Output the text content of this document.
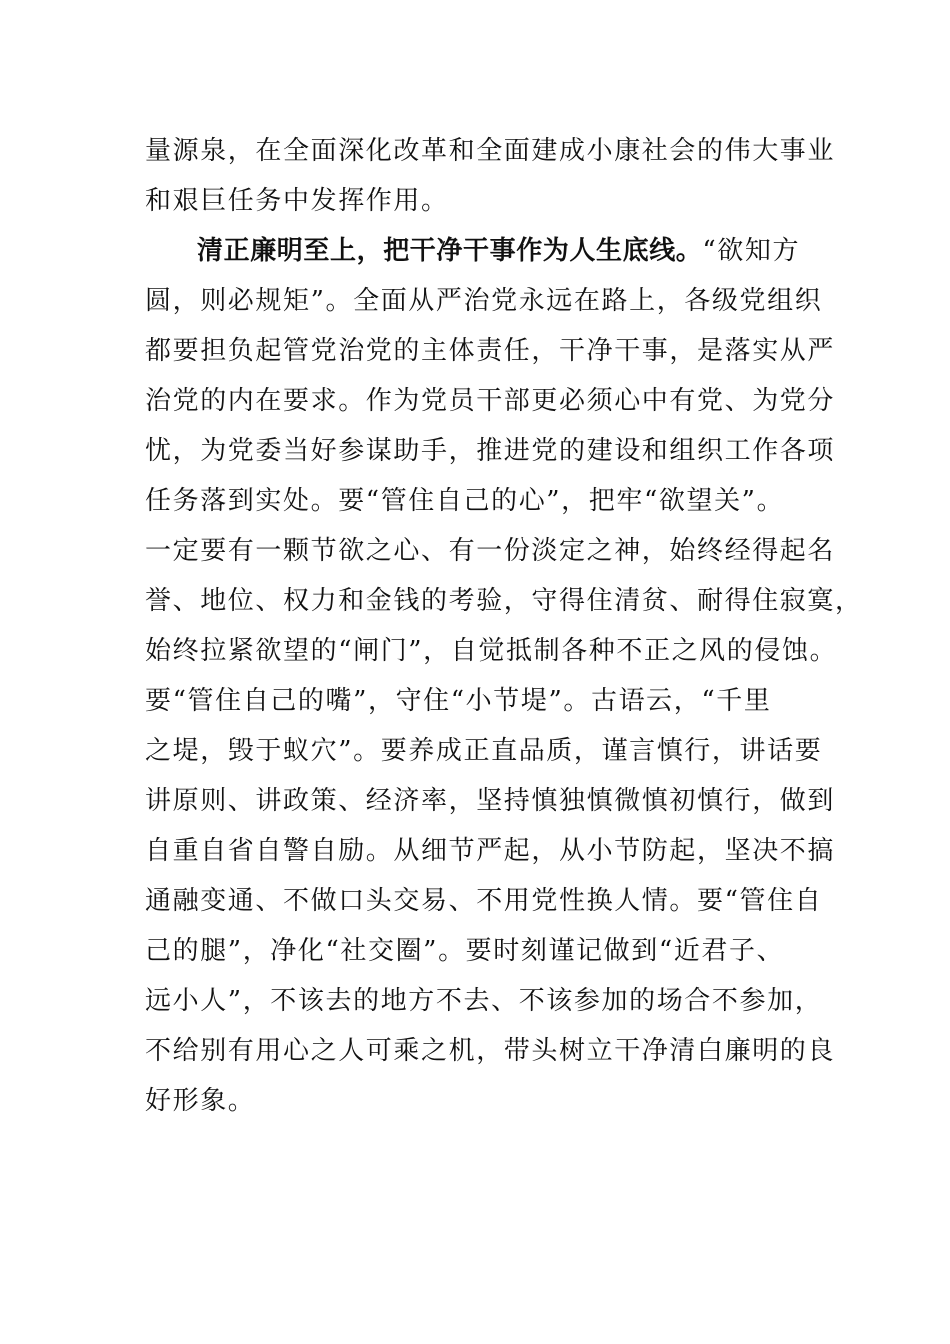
量源泉，在全面深化改革和全面建成小康社会的伟大事业
和艰巨任务中发挥作用。
清正廉明至上，把干净干事作为人生底线。“欲知方
圆，则必规矩”。全面从严治党永远在路上，各级党组织
都要担负起管党治党的主体责任，干净干事，是落实从严
治党的内在要求。作为党员干部更必须心中有党、为党分
忧，为党委当好参谋助手，推进党的建设和组织工作各项
任务落到实处。要“管住自己的心”，把牢“欲望关”。
一定要有一颗节欲之心、有一份淡定之神，始终经得起名
誉、地位、权力和金钱的考验，守得住清贫、耐得住寂寞，
始终拉紧欲望的“闸门”，自觉抵制各种不正之风的侵蚀。
要“管住自己的嘴”，守住“小节堤”。古语云，“千里
之堤，毁于蚁穴”。要养成正直品质，谨言慎行，讲话要
讲原则、讲政策、经济率，坚持慎独慎微慎初慎行，做到
自重自省自警自励。从细节严起，从小节防起，坚决不搞
通融变通、不做口头交易、不用党性换人情。要“管住自
己的腿”，净化“社交圈”。要时刻谨记做到“近君子、
远小人”，不该去的地方不去、不该参加的场合不参加，
不给别有用心之人可乘之机，带头树立干净清白廉明的良
好形象。
